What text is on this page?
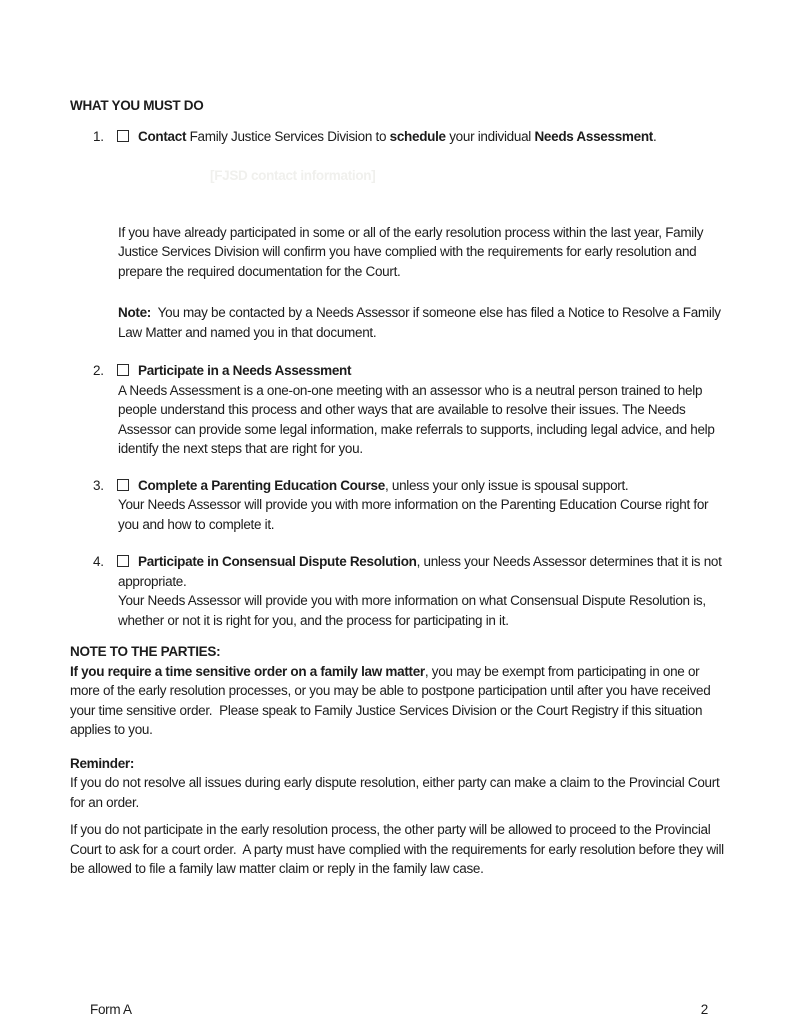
WHAT YOU MUST DO
1.	Contact Family Justice Services Division to schedule your individual Needs Assessment.
[FJSD contact information]
If you have already participated in some or all of the early resolution process within the last year, Family Justice Services Division will confirm you have complied with the requirements for early resolution and prepare the required documentation for the Court.
Note:  You may be contacted by a Needs Assessor if someone else has filed a Notice to Resolve a Family Law Matter and named you in that document.
2.	Participate in a Needs Assessment
A Needs Assessment is a one-on-one meeting with an assessor who is a neutral person trained to help people understand this process and other ways that are available to resolve their issues. The Needs Assessor can provide some legal information, make referrals to supports, including legal advice, and help identify the next steps that are right for you.
3.	Complete a Parenting Education Course, unless your only issue is spousal support.
Your Needs Assessor will provide you with more information on the Parenting Education Course right for you and how to complete it.
4.	Participate in Consensual Dispute Resolution, unless your Needs Assessor determines that it is not appropriate.
Your Needs Assessor will provide you with more information on what Consensual Dispute Resolution is, whether or not it is right for you, and the process for participating in it.
NOTE TO THE PARTIES:
If you require a time sensitive order on a family law matter, you may be exempt from participating in one or more of the early resolution processes, or you may be able to postpone participation until after you have received your time sensitive order.  Please speak to Family Justice Services Division or the Court Registry if this situation applies to you.
Reminder:
If you do not resolve all issues during early dispute resolution, either party can make a claim to the Provincial Court for an order.
If you do not participate in the early resolution process, the other party will be allowed to proceed to the Provincial Court to ask for a court order.  A party must have complied with the requirements for early resolution before they will be allowed to file a family law matter claim or reply in the family law case.
Form A	2
